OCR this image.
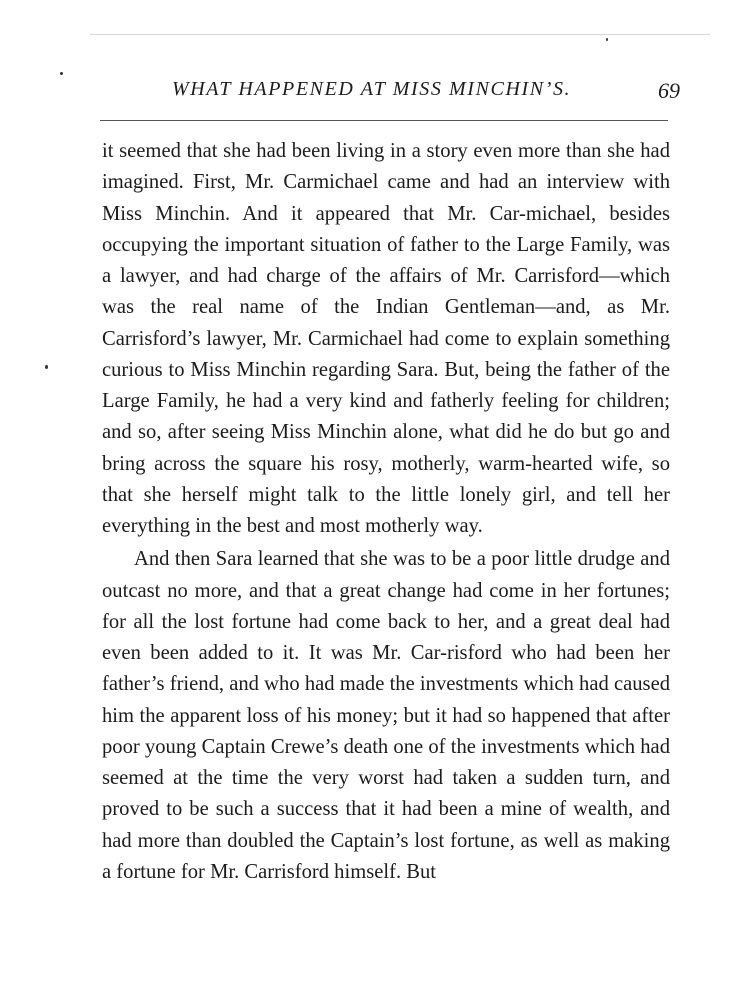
WHAT HAPPENED AT MISS MINCHIN’S.	69

it seemed that she had been living in a story even more than she had imagined. First, Mr. Carmichael came and had an interview with Miss Minchin. And it appeared that Mr. Car-michael, besides occupying the important situation of father to the Large Family, was a lawyer, and had charge of the affairs of Mr. Carrisford—which was the real name of the Indian Gentleman—and, as Mr. Carrisford’s lawyer, Mr. Carmichael had come to explain something curious to Miss Minchin regarding Sara. But, being the father of the Large Family, he had a very kind and fatherly feeling for children; and so, after seeing Miss Minchin alone, what did he do but go and bring across the square his rosy, motherly, warm-hearted wife, so that she herself might talk to the little lonely girl, and tell her everything in the best and most motherly way.

And then Sara learned that she was to be a poor little drudge and outcast no more, and that a great change had come in her fortunes; for all the lost fortune had come back to her, and a great deal had even been added to it. It was Mr. Car-risford who had been her father’s friend, and who had made the investments which had caused him the apparent loss of his money; but it had so happened that after poor young Captain Crewe’s death one of the investments which had seemed at the time the very worst had taken a sudden turn, and proved to be such a success that it had been a mine of wealth, and had more than doubled the Captain’s lost fortune, as well as making a fortune for Mr. Carrisford himself. But
